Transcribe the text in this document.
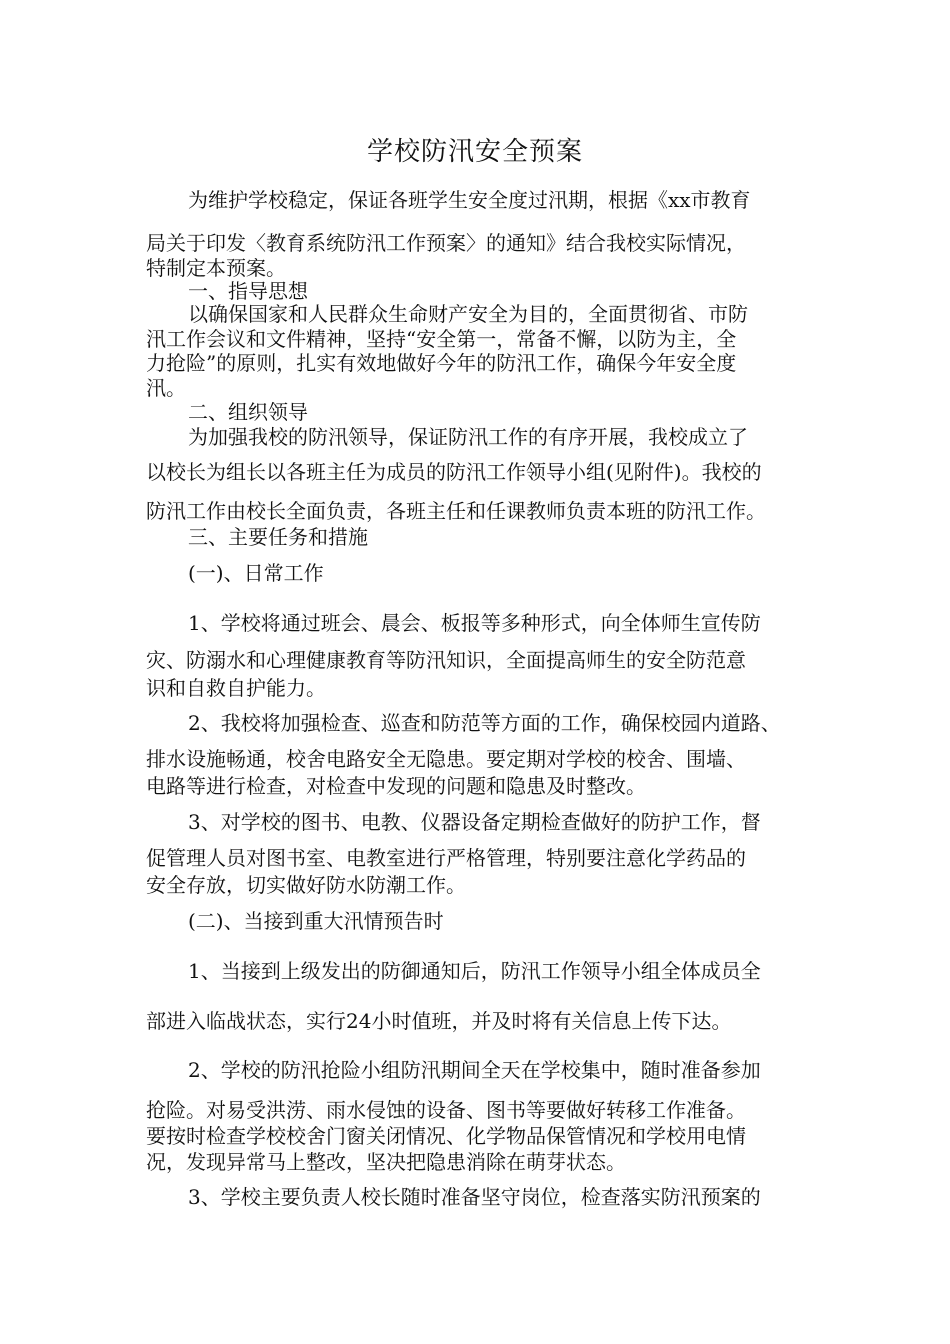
学校防汛安全预案
为维护学校稳定，保证各班学生安全度过汛期，根据《xx市教育
局关于印发〈教育系统防汛工作预案〉的通知》结合我校实际情况，
特制定本预案。
一、指导思想
以确保国家和人民群众生命财产安全为目的，全面贯彻省、市防
汛工作会议和文件精神，坚持“安全第一，常备不懈，以防为主，全
力抢险”的原则，扎实有效地做好今年的防汛工作，确保今年安全度
汛。
二、组织领导
为加强我校的防汛领导，保证防汛工作的有序开展，我校成立了
以校长为组长以各班主任为成员的防汛工作领导小组(见附件)。我校的
防汛工作由校长全面负责，各班主任和任课教师负责本班的防汛工作。
三、主要任务和措施
(一)、日常工作
1、学校将通过班会、晨会、板报等多种形式，向全体师生宣传防
灾、防溺水和心理健康教育等防汛知识，全面提高师生的安全防范意
识和自救自护能力。
2、我校将加强检查、巡查和防范等方面的工作，确保校园内道路、
排水设施畅通，校舍电路安全无隐患。要定期对学校的校舍、围墙、
电路等进行检查，对检查中发现的问题和隐患及时整改。
3、对学校的图书、电教、仪器设备定期检查做好的防护工作，督
促管理人员对图书室、电教室进行严格管理，特别要注意化学药品的
安全存放，切实做好防水防潮工作。
(二)、当接到重大汛情预告时
1、当接到上级发出的防御通知后，防汛工作领导小组全体成员全
部进入临战状态，实行24小时值班，并及时将有关信息上传下达。
2、学校的防汛抢险小组防汛期间全天在学校集中，随时准备参加
抢险。对易受洪涝、雨水侵蚀的设备、图书等要做好转移工作准备。
要按时检查学校校舍门窗关闭情况、化学物品保管情况和学校用电情
况，发现异常马上整改，坚决把隐患消除在萌芽状态。
3、学校主要负责人校长随时准备坚守岗位，检查落实防汛预案的
